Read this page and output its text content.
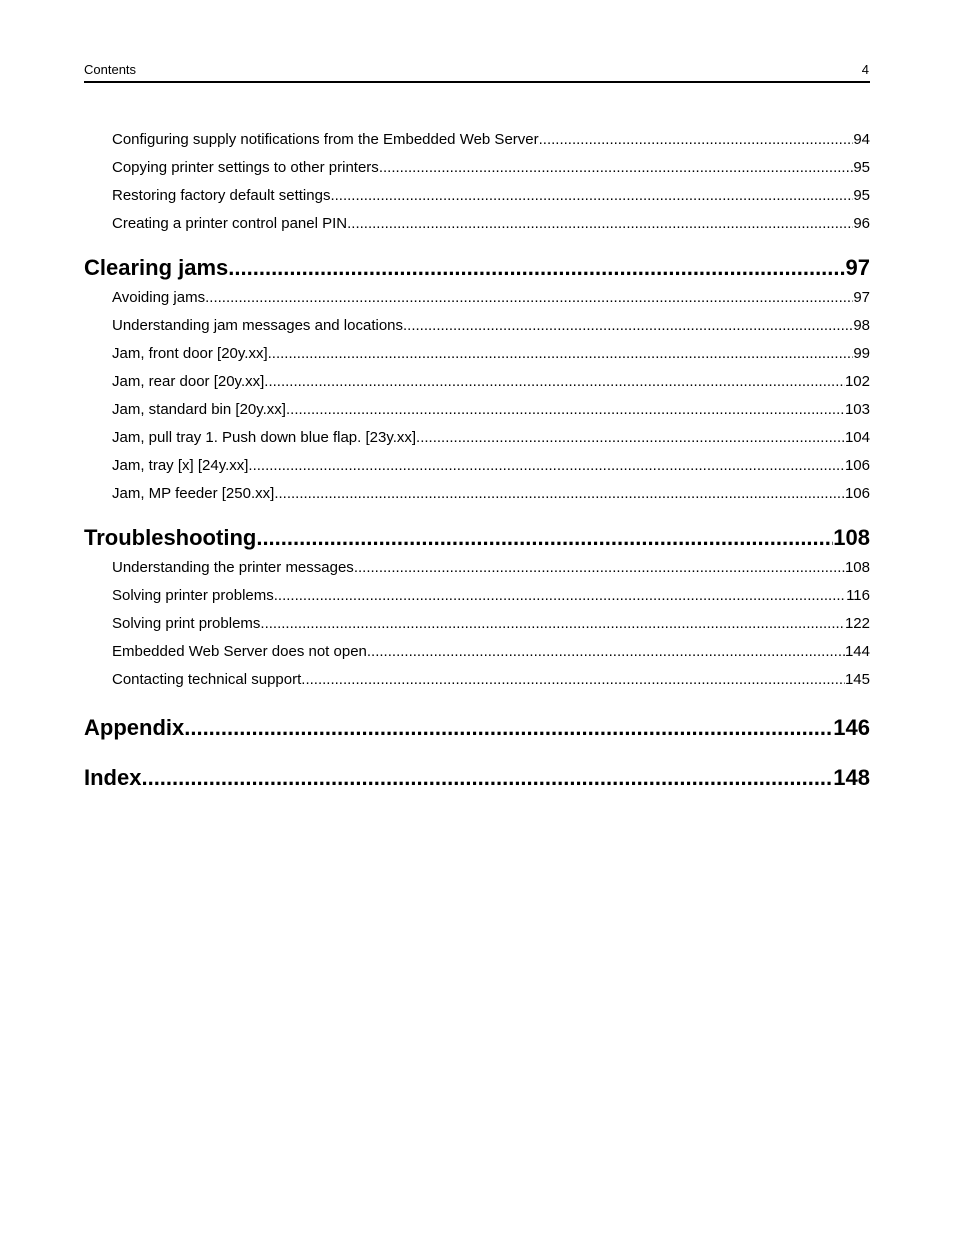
Contents	4
Configuring supply notifications from the Embedded Web Server .....	94
Copying printer settings to other printers .....	95
Restoring factory default settings .....	95
Creating a printer control panel PIN .....	96
Clearing jams .....	97
Avoiding jams .....	97
Understanding jam messages and locations .....	98
Jam, front door [20y.xx] .....	99
Jam, rear door [20y.xx] .....	102
Jam, standard bin [20y.xx] .....	103
Jam, pull tray 1. Push down blue flap. [23y.xx] .....	104
Jam, tray [x] [24y.xx] .....	106
Jam, MP feeder [250.xx] .....	106
Troubleshooting .....	108
Understanding the printer messages .....	108
Solving printer problems .....	116
Solving print problems .....	122
Embedded Web Server does not open .....	144
Contacting technical support .....	145
Appendix .....	146
Index .....	148
